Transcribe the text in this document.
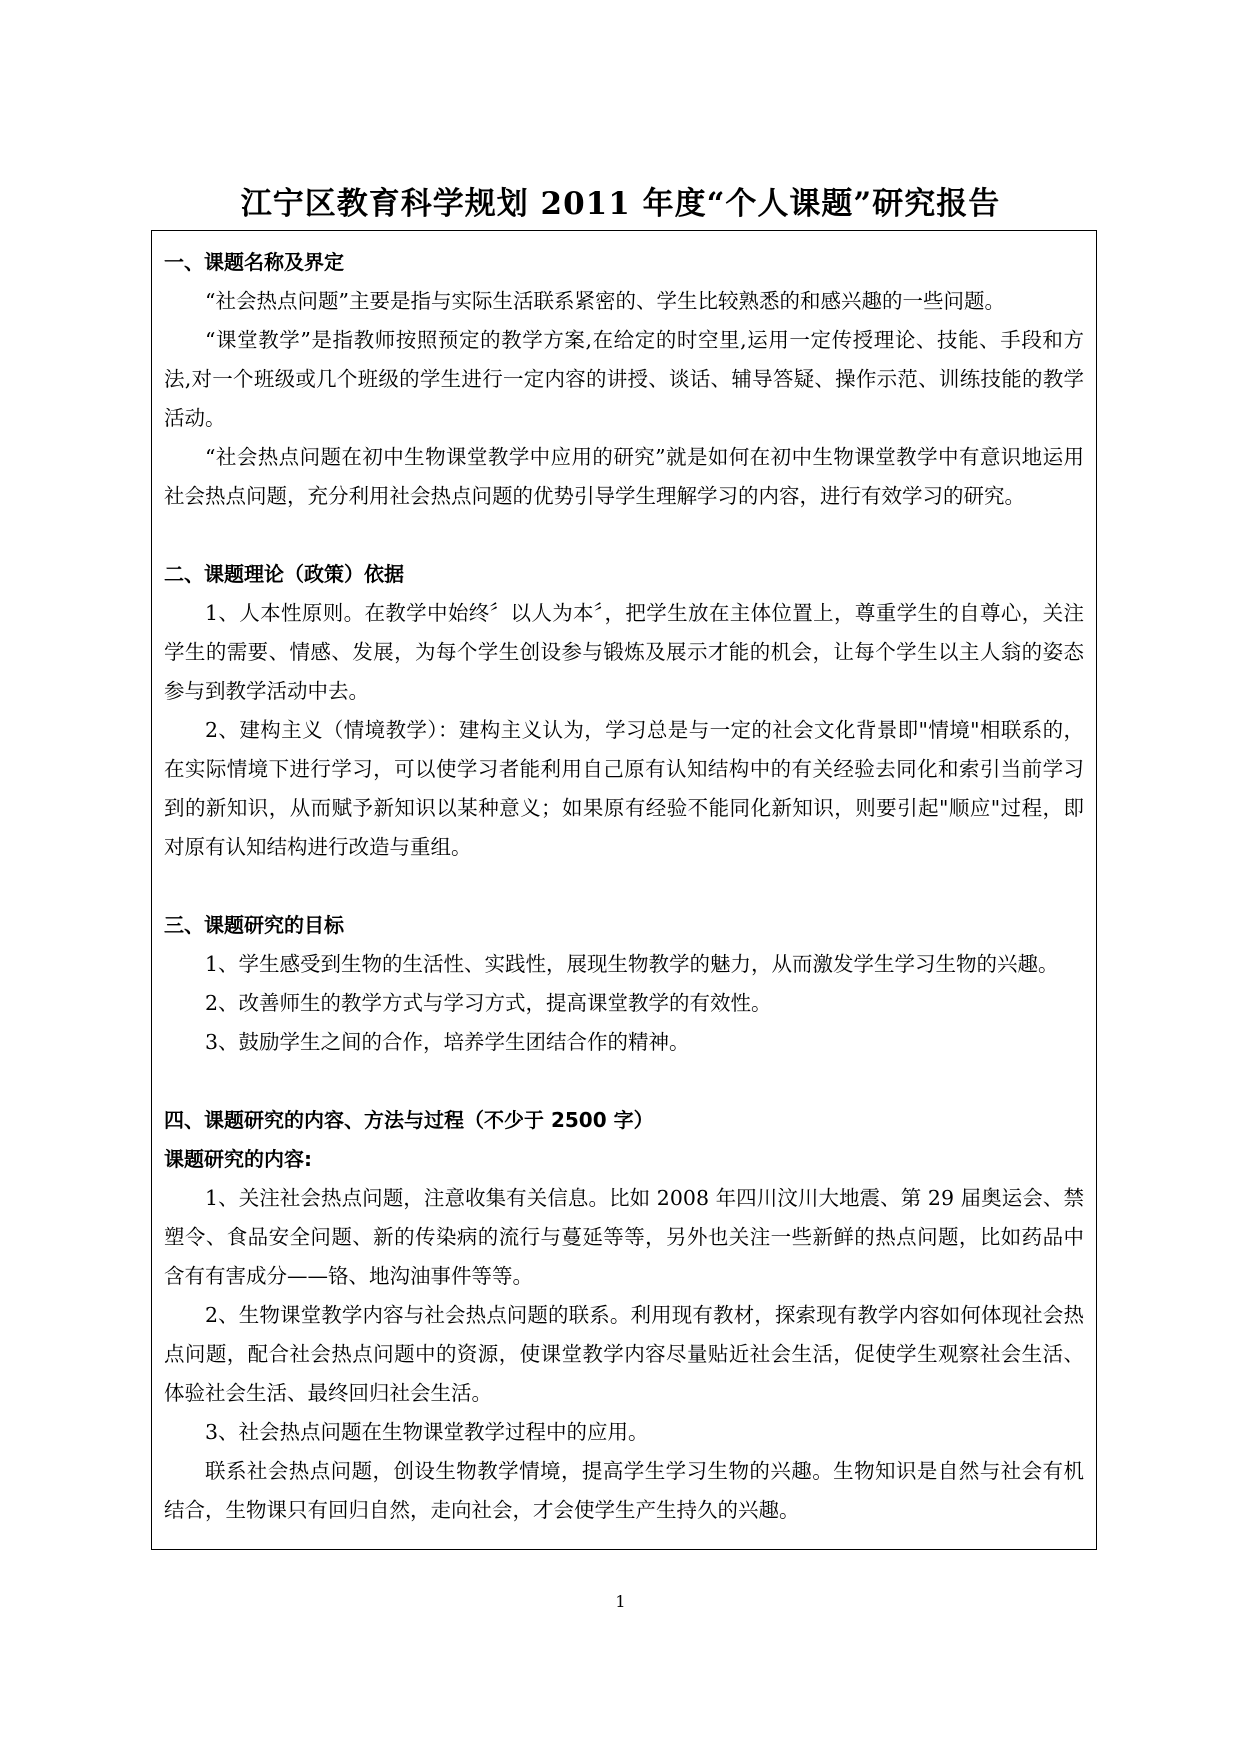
江宁区教育科学规划 2011 年度“个人课题”研究报告
一、课题名称及界定

“社会热点问题”主要是指与实际生活联系紧密的、学生比较熟悉的和感兴趣的一些问题。

“课堂教学”是指教师按照预定的教学方案,在给定的时空里,运用一定传授理论、技能、手段和方法,对一个班级或几个班级的学生进行一定内容的讲授、谈话、辅导答疑、操作示范、训练技能的教学活动。

“社会热点问题在初中生物课堂教学中应用的研究”就是如何在初中生物课堂教学中有意识地运用社会热点问题，充分利用社会热点问题的优势引导学生理解学习的内容，进行有效学习的研究。

二、课题理论（政策）依据

1、人本性原则。在教学中始终〞以人为本〞，把学生放在主体位置上，尊重学生的自尊心，关注学生的需要、情感、发展，为每个学生创设参与锻炼及展示才能的机会，让每个学生以主人翁的姿态参与到教学活动中去。

2、建构主义（情境教学）：建构主义认为，学习总是与一定的社会文化背景即"情境"相联系的，在实际情境下进行学习，可以使学习者能利用自己原有认知结构中的有关经验去同化和索引当前学习到的新知识，从而赋予新知识以某种意义；如果原有经验不能同化新知识，则要引起"顺应"过程，即对原有认知结构进行改造与重组。

三、课题研究的目标

1、学生感受到生物的生活性、实践性，展现生物教学的魅力，从而激发学生学习生物的兴趣。

2、改善师生的教学方式与学习方式，提高课堂教学的有效性。

3、鼓励学生之间的合作，培养学生团结合作的精神。

四、课题研究的内容、方法与过程（不少于 2500 字）
课题研究的内容:

1、关注社会热点问题，注意收集有关信息。比如 2008 年四川汶川大地震、第 29 届奥运会、禁塑令、食品安全问题、新的传染病的流行与蔓延等等，另外也关注一些新鲜的热点问题，比如药品中含有有害成分——铬、地沟油事件等等。

2、生物课堂教学内容与社会热点问题的联系。利用现有教材，探索现有教学内容如何体现社会热点问题，配合社会热点问题中的资源，使课堂教学内容尽量贴近社会生活，促使学生观察社会生活、体验社会生活、最终回归社会生活。

3、社会热点问题在生物课堂教学过程中的应用。

联系社会热点问题，创设生物教学情境，提高学生学习生物的兴趣。生物知识是自然与社会有机结合，生物课只有回归自然，走向社会，才会使学生产生持久的兴趣。

1
